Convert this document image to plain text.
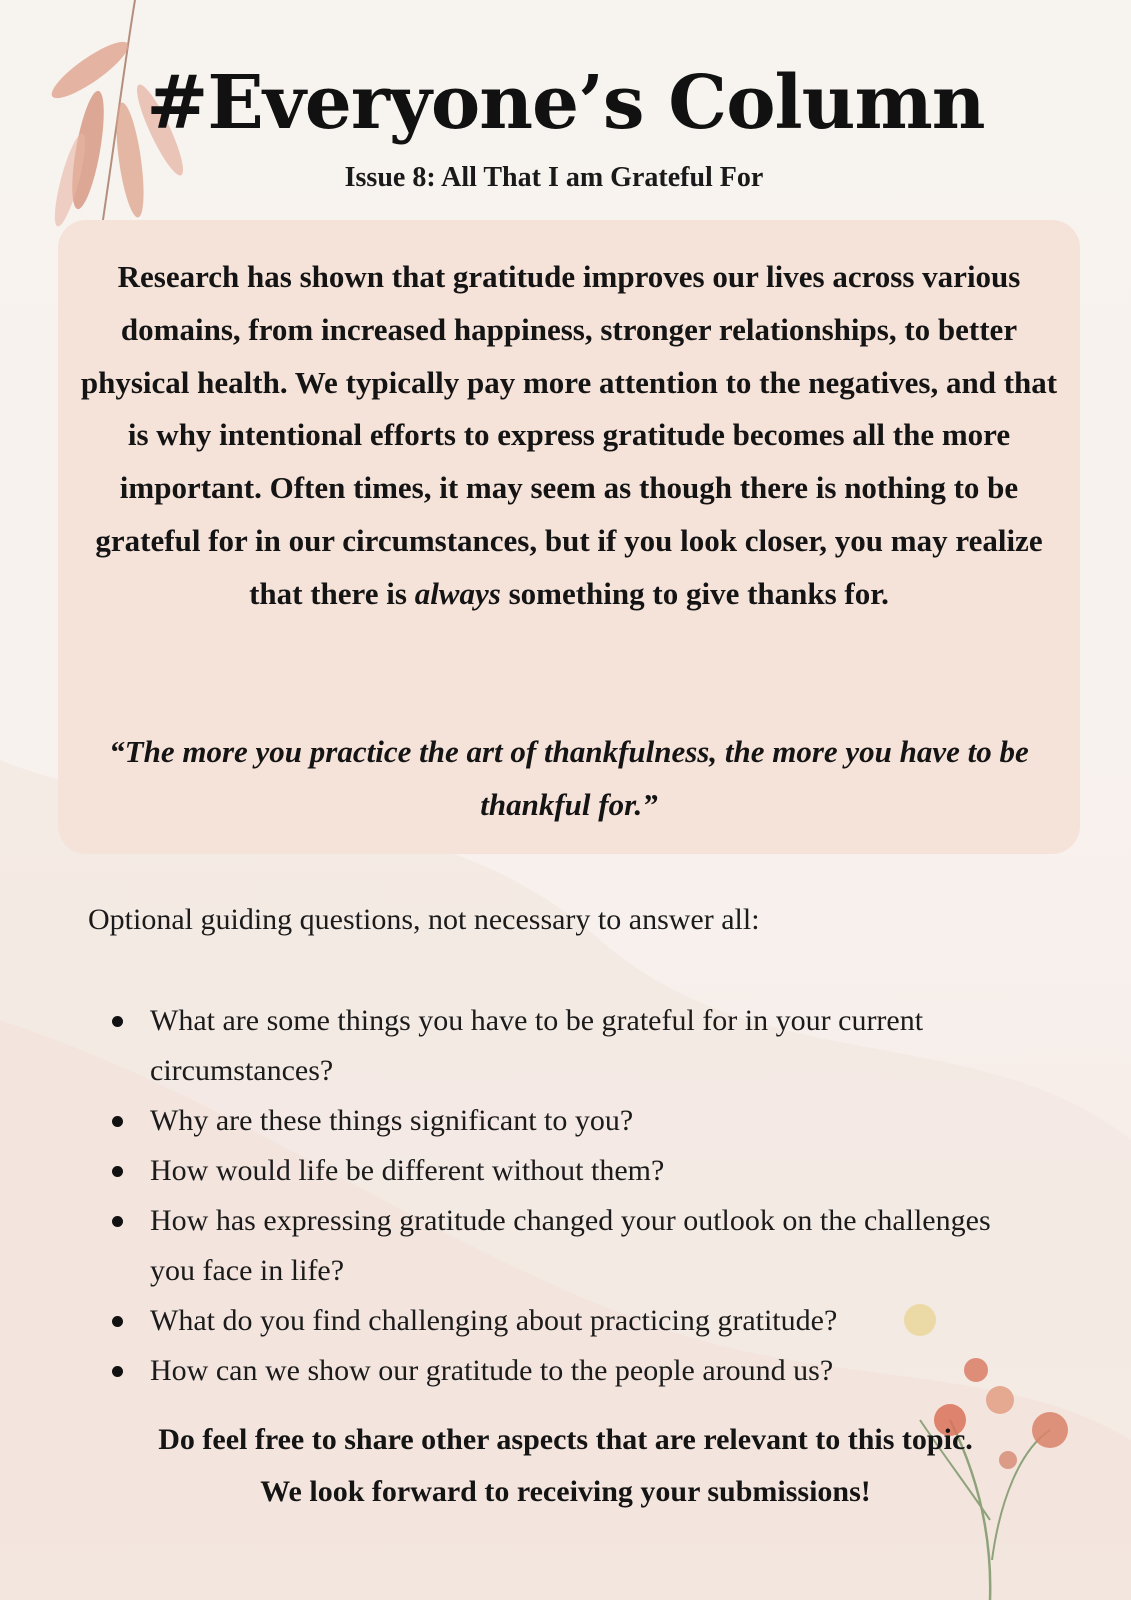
#Everyone’s Column
Issue 8: All That I am Grateful For

Research has shown that gratitude improves our lives across various domains, from increased happiness, stronger relationships, to better physical health. We typically pay more attention to the negatives, and that is why intentional efforts to express gratitude becomes all the more important. Often times, it may seem as though there is nothing to be grateful for in our circumstances, but if you look closer, you may realize that there is always something to give thanks for.

“The more you practice the art of thankfulness, the more you have to be thankful for.”

Optional guiding questions, not necessary to answer all:

What are some things you have to be grateful for in your current circumstances?
Why are these things significant to you?
How would life be different without them?
How has expressing gratitude changed your outlook on the challenges you face in life?
What do you find challenging about practicing gratitude?
How can we show our gratitude to the people around us?

Do feel free to share other aspects that are relevant to this topic.
We look forward to receiving your submissions!
